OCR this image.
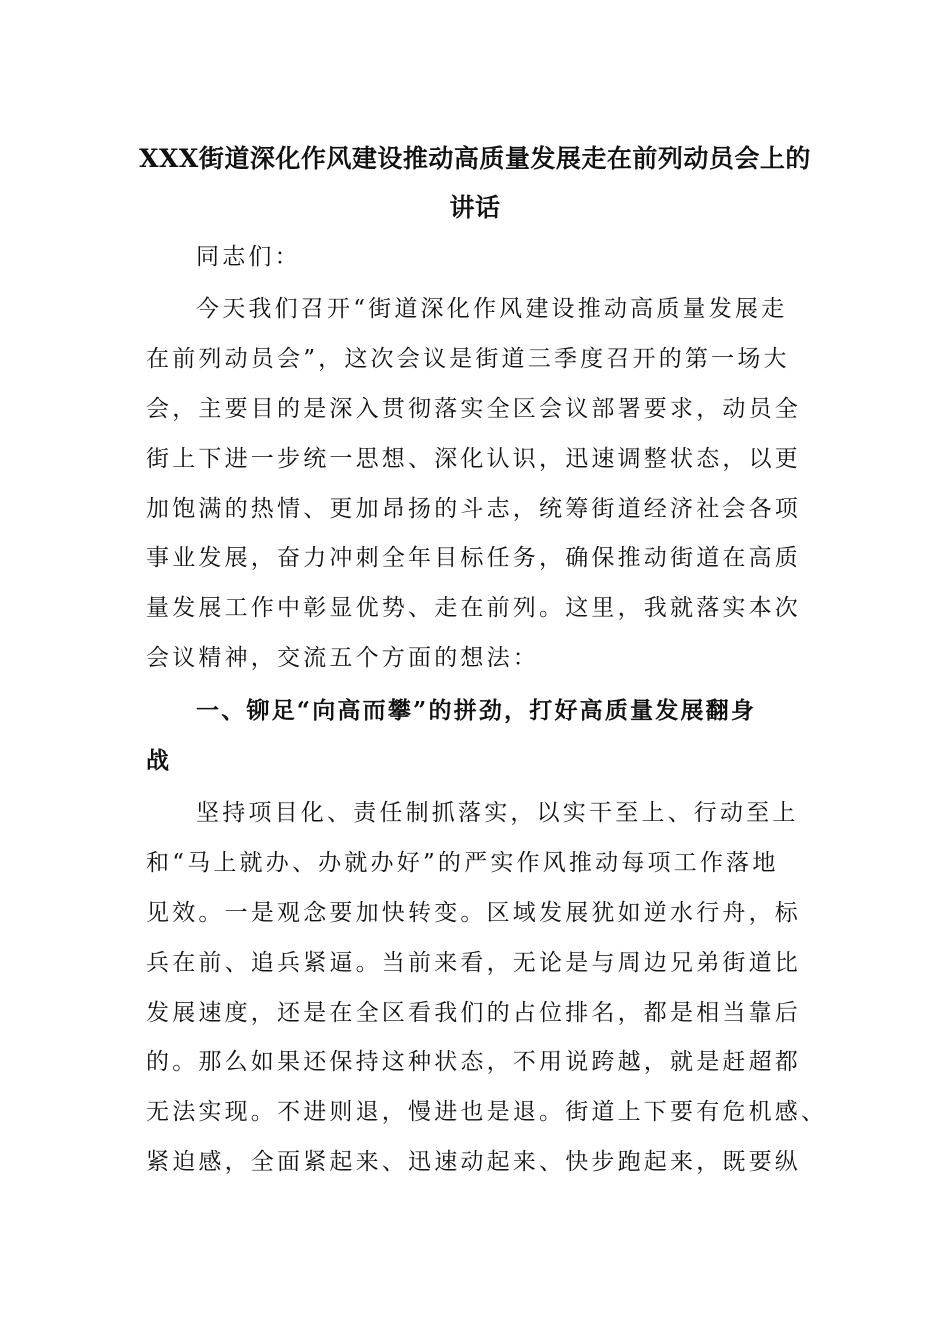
XXX街道深化作风建设推动高质量发展走在前列动员会上的
讲话
同志们：
今天我们召开“街道深化作风建设推动高质量发展走
在前列动员会”，这次会议是街道三季度召开的第一场大
会，主要目的是深入贯彻落实全区会议部署要求，动员全
街上下进一步统一思想、深化认识，迅速调整状态，以更
加饱满的热情、更加昂扬的斗志，统筹街道经济社会各项
事业发展，奋力冲刺全年目标任务，确保推动街道在高质
量发展工作中彰显优势、走在前列。这里，我就落实本次
会议精神，交流五个方面的想法：
一、铆足“向高而攀”的拼劲，打好高质量发展翻身
战
坚持项目化、责任制抓落实，以实干至上、行动至上
和“马上就办、办就办好”的严实作风推动每项工作落地
见效。一是观念要加快转变。区域发展犹如逆水行舟，标
兵在前、追兵紧逼。当前来看，无论是与周边兄弟街道比
发展速度，还是在全区看我们的占位排名，都是相当靠后
的。那么如果还保持这种状态，不用说跨越，就是赶超都
无法实现。不进则退，慢进也是退。街道上下要有危机感、
紧迫感，全面紧起来、迅速动起来、快步跑起来，既要纵
